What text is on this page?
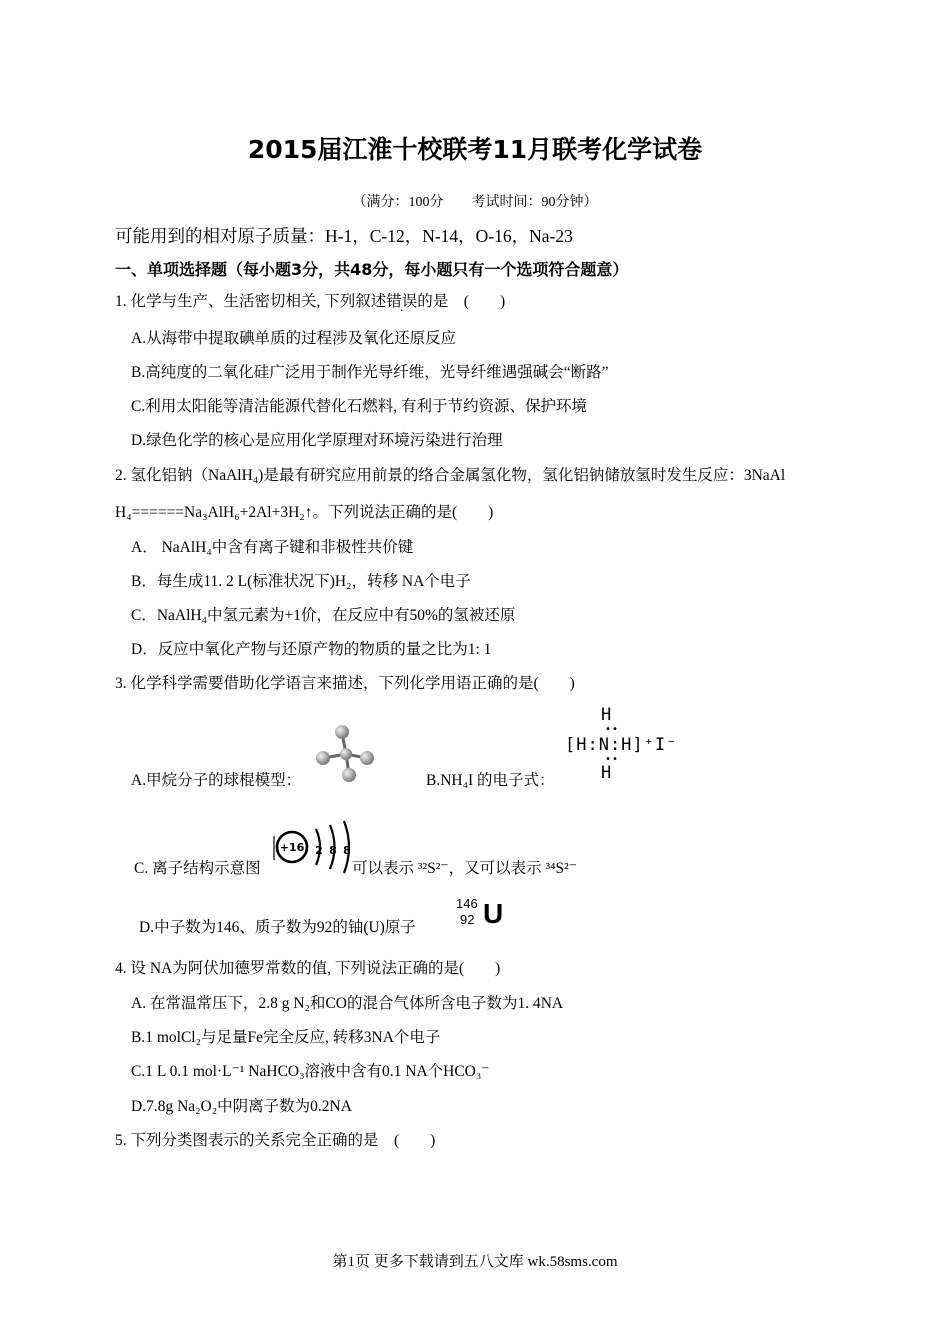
2015届江淮十校联考11月联考化学试卷
（满分：100分　　考试时间：90分钟）
可能用到的相对原子质量：H-1，C-12，N-14，O-16，Na-23
一、单项选择题（每小题3分，共48分，每小题只有一个选项符合题意）
1. 化学与生产、生活密切相关, 下列叙述错误的是　(　　)
A.从海带中提取碘单质的过程涉及氧化还原反应
B.高纯度的二氧化硅广泛用于制作光导纤维，光导纤维遇强碱会“断路”
C.利用太阳能等清洁能源代替化石燃料, 有利于节约资源、保护环境
D.绿色化学的核心是应用化学原理对环境污染进行治理
2. 氢化铝钠（NaAlH₄)是最有研究应用前景的络合金属氢化物，氢化铝钠储放氢时发生反应：3NaAl
H₄======Na₃AlH₆+2Al+3H₂↑。下列说法正确的是(　　)
A． NaAlH₄中含有离子键和非极性共价键
B．每生成11. 2 L(标准状况下)H₂，转移 NA个电子
C．NaAlH₄中氢元素为+1价，在反应中有50%的氢被还原
D．反应中氧化产物与还原产物的物质的量之比为1: 1
3. 化学科学需要借助化学语言来描述，下列化学用语正确的是(　　)
A.甲烷分子的球棍模型：	B.NH₄I 的电子式：
H
••
[H:N:H]⁺I⁻
••
H
C. 离子结构示意图
+16 2 8 8
可以表示 ³²S²⁻，又可以表示 ³⁴S²⁻
D.中子数为146、质子数为92的铀(U)原子
146
92 U
4. 设 NA为阿伏加德罗常数的值, 下列说法正确的是(　　)
A. 在常温常压下，2.8 g N₂和CO的混合气体所含电子数为1. 4NA
B.1 molCl₂与足量Fe完全反应, 转移3NA个电子
C.1 L 0.1 mol·L⁻¹ NaHCO₃溶液中含有0.1 NA个HCO₃⁻
D.7.8g Na₂O₂中阴离子数为0.2NA
5. 下列分类图表示的关系完全正确的是　(　　)
第1页 更多下载请到五八文库 wk.58sms.com
